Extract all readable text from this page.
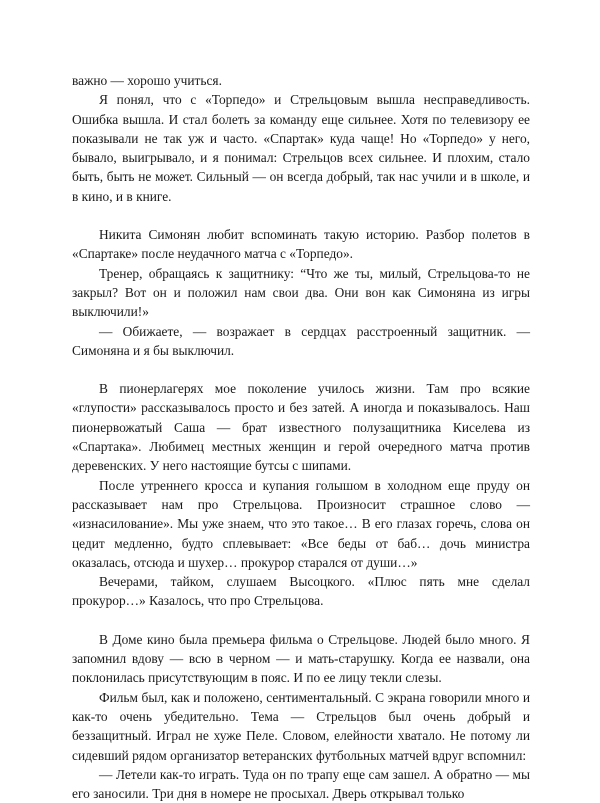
важно — хорошо учиться.

Я понял, что с «Торпедо» и Стрельцовым вышла несправедливость. Ошибка вышла. И стал болеть за команду еще сильнее. Хотя по телевизору ее показывали не так уж и часто. «Спартак» куда чаще! Но «Торпедо» у него, бывало, выигрывало, и я понимал: Стрельцов всех сильнее. И плохим, стало быть, быть не может. Сильный — он всегда добрый, так нас учили и в школе, и в кино, и в книге.

Никита Симонян любит вспоминать такую историю. Разбор полетов в «Спартаке» после неудачного матча с «Торпедо».

Тренер, обращаясь к защитнику: “Что же ты, милый, Стрельцова-то не закрыл? Вот он и положил нам свои два. Они вон как Симоняна из игры выключили!»

— Обижаете, — возражает в сердцах расстроенный защитник. — Симоняна и я бы выключил.

В пионерлагерях мое поколение училось жизни. Там про всякие «глупости» рассказывалось просто и без затей. А иногда и показывалось. Наш пионервожатый Саша — брат известного полузащитника Киселева из «Спартака». Любимец местных женщин и герой очередного матча против деревенских. У него настоящие бутсы с шипами.

После утреннего кросса и купания голышом в холодном еще пруду он рассказывает нам про Стрельцова. Произносит страшное слово — «изнасилование». Мы уже знаем, что это такое… В его глазах горечь, слова он цедит медленно, будто сплевывает: «Все беды от баб… дочь министра оказалась, отсюда и шухер… прокурор старался от души…»

Вечерами, тайком, слушаем Высоцкого. «Плюс пять мне сделал прокурор…» Казалось, что про Стрельцова.

В Доме кино была премьера фильма о Стрельцове. Людей было много. Я запомнил вдову — всю в черном — и мать-старушку. Когда ее назвали, она поклонилась присутствующим в пояс. И по ее лицу текли слезы.

Фильм был, как и положено, сентиментальный. С экрана говорили много и как-то очень убедительно. Тема — Стрельцов был очень добрый и беззащитный. Играл не хуже Пеле. Словом, елейности хватало. Не потому ли сидевший рядом организатор ветеранских футбольных матчей вдруг вспомнил:

— Летели как-то играть. Туда он по трапу еще сам зашел. А обратно — мы его заносили. Три дня в номере не просыхал. Дверь открывал только
